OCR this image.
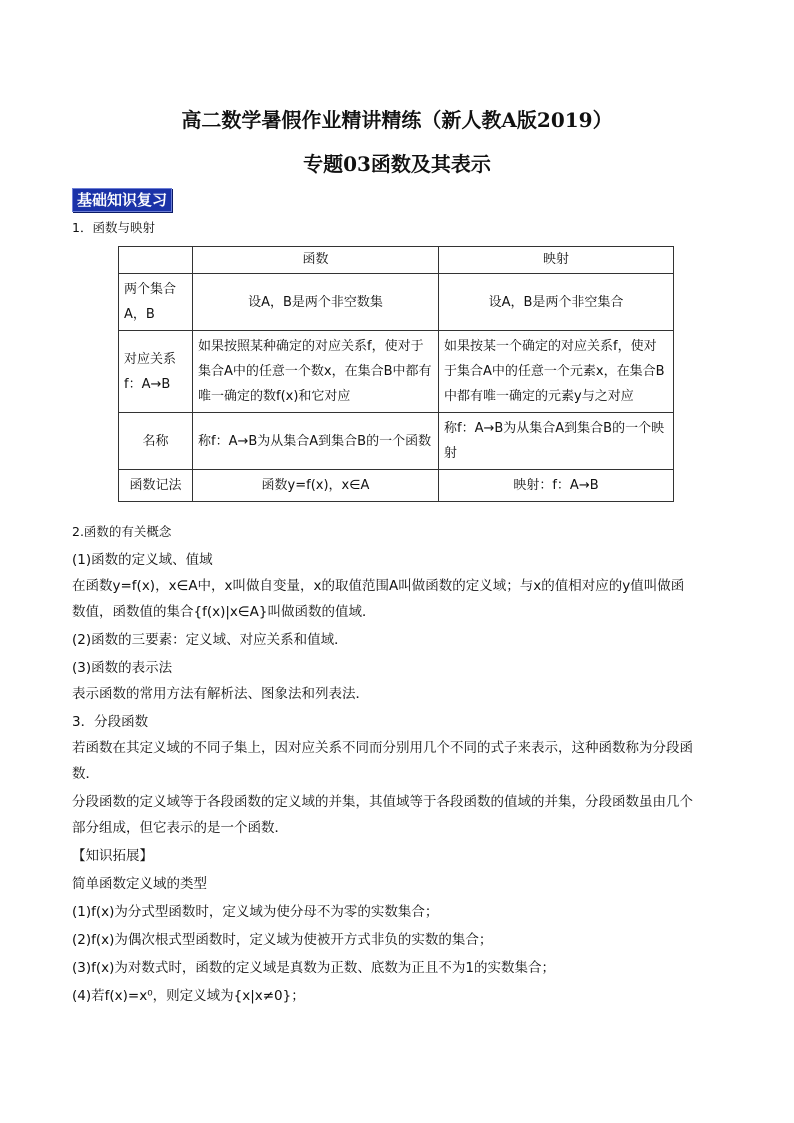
高二数学暑假作业精讲精练（新人教A版2019）
专题03函数及其表示
基础知识复习
1．函数与映射
	函数	映射
两个集合A，B	设A，B是两个非空数集	设A，B是两个非空集合
对应关系f：A→B	如果按照某种确定的对应关系f，使对于集合A中的任意一个数x，在集合B中都有唯一确定的数f(x)和它对应	如果按某一个确定的对应关系f，使对于集合A中的任意一个元素x，在集合B中都有唯一确定的元素y与之对应
名称	称f：A→B为从集合A到集合B的一个函数	称f：A→B为从集合A到集合B的一个映射
函数记法	函数y=f(x)，x∈A	映射：f：A→B
2.函数的有关概念
(1)函数的定义域、值域
在函数y=f(x)，x∈A中，x叫做自变量，x的取值范围A叫做函数的定义域；与x的值相对应的y值叫做函
数值，函数值的集合{f(x)|x∈A}叫做函数的值域．
(2)函数的三要素：定义域、对应关系和值域．
(3)函数的表示法
表示函数的常用方法有解析法、图象法和列表法．
3．分段函数
若函数在其定义域的不同子集上，因对应关系不同而分别用几个不同的式子来表示，这种函数称为分段函
数．
分段函数的定义域等于各段函数的定义域的并集，其值域等于各段函数的值域的并集，分段函数虽由几个
部分组成，但它表示的是一个函数．
【知识拓展】
简单函数定义域的类型
(1)f(x)为分式型函数时，定义域为使分母不为零的实数集合；
(2)f(x)为偶次根式型函数时，定义域为使被开方式非负的实数的集合；
(3)f(x)为对数式时，函数的定义域是真数为正数、底数为正且不为1的实数集合；
(4)若f(x)=x⁰，则定义域为{x|x≠0}；
